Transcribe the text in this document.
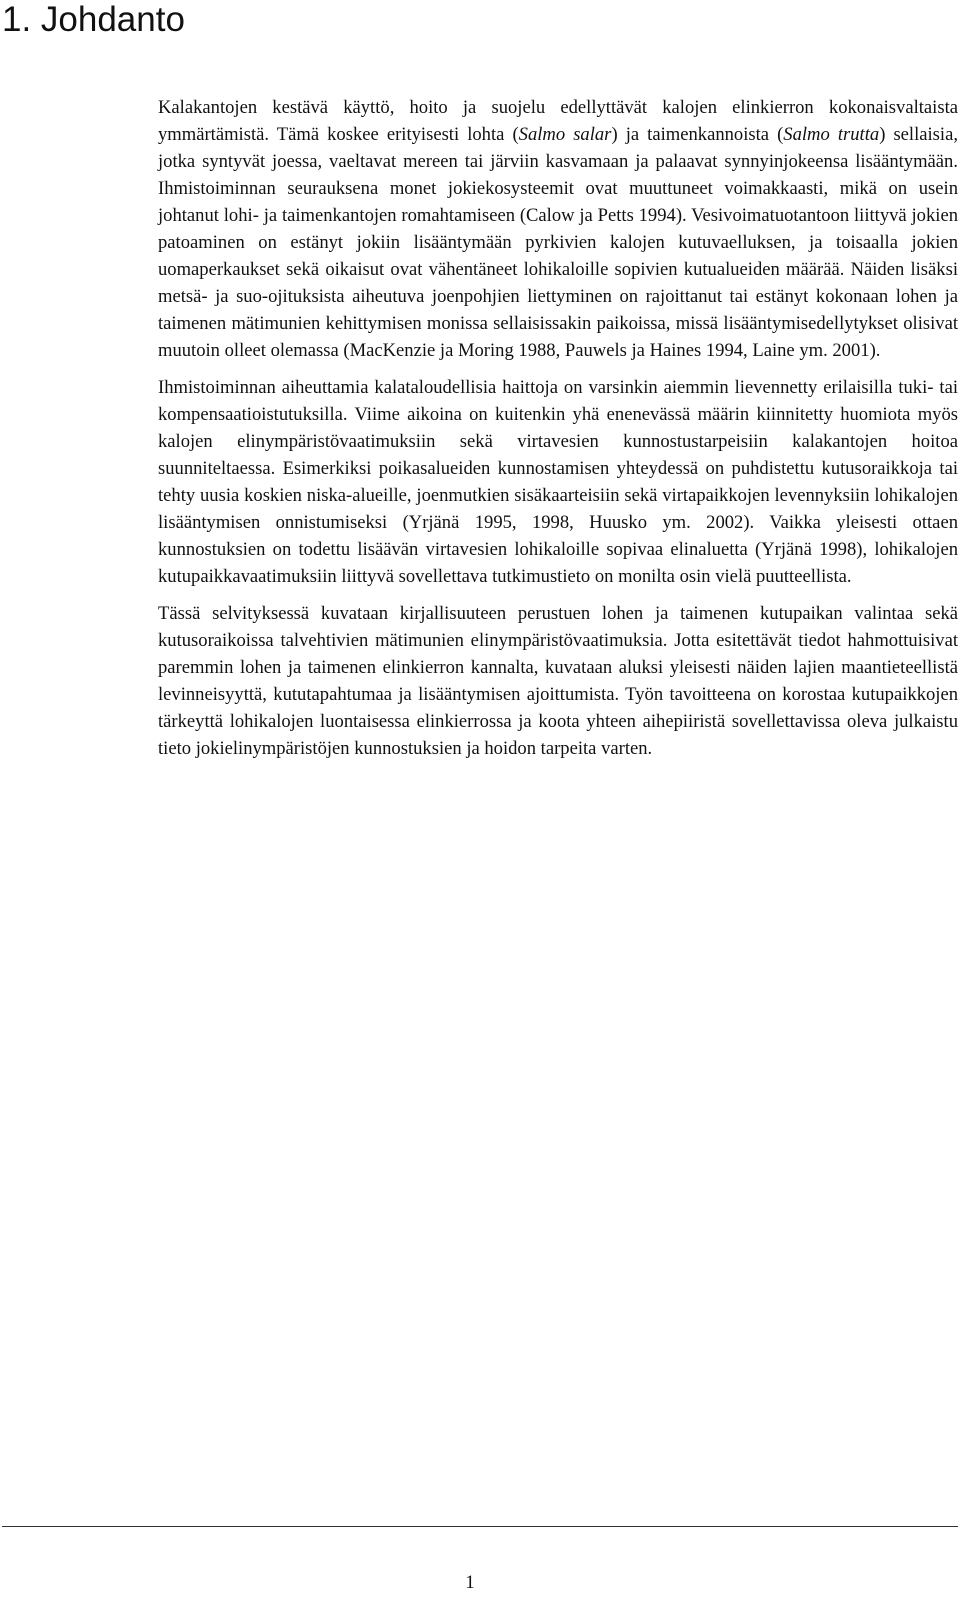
1. Johdanto

Kalakantojen kestävä käyttö, hoito ja suojelu edellyttävät kalojen elinkierron kokonaisvaltaista ymmärtämistä. Tämä koskee erityisesti lohta (Salmo salar) ja taimenkannoista (Salmo trutta) sellaisia, jotka syntyvät joessa, vaeltavat mereen tai järviin kasvamaan ja palaavat synnyinjokeensa lisääntymään. Ihmistoiminnan seurauksena monet jokiekosysteemit ovat muuttuneet voimakkaasti, mikä on usein johtanut lohi- ja taimenkantojen romahtamiseen (Calow ja Petts 1994). Vesivoimatuotantoon liittyvä jokien patoaminen on estänyt jokiin lisääntymään pyrkivien kalojen kutuvaelluksen, ja toisaalla jokien uomaperkaukset sekä oikaisut ovat vähentäneet lohikaloille sopivien kutualueiden määrää. Näiden lisäksi metsä- ja suo-ojituksista aiheutuva joenpohjien liettyminen on rajoittanut tai estänyt kokonaan lohen ja taimenen mätimunien kehittymisen monissa sellaisissakin paikoissa, missä lisääntymisedellytykset olisivat muutoin olleet olemassa (MacKenzie ja Moring 1988, Pauwels ja Haines 1994, Laine ym. 2001).

Ihmistoiminnan aiheuttamia kalataloudellisia haittoja on varsinkin aiemmin lievennetty erilaisilla tuki- tai kompensaatioistutuksilla. Viime aikoina on kuitenkin yhä enenevässä määrin kiinnitetty huomiota myös kalojen elinympäristövaatimuksiin sekä virtavesien kunnostustarpeisiin kalakantojen hoitoa suunniteltaessa. Esimerkiksi poikasalueiden kunnostamisen yhteydessä on puhdistettu kutusoraikkoja tai tehty uusia koskien niska-alueille, joenmutkien sisäkaarteisiin sekä virtapaikkojen levennyksiin lohikalojen lisääntymisen onnistumiseksi (Yrjänä 1995, 1998, Huusko ym. 2002). Vaikka yleisesti ottaen kunnostuksien on todettu lisäävän virtavesien lohikaloille sopivaa elinaluetta (Yrjänä 1998), lohikalojen kutupaikkavaatimuksiin liittyvä sovellettava tutkimustieto on monilta osin vielä puutteellista.

Tässä selvityksessä kuvataan kirjallisuuteen perustuen lohen ja taimenen kutupaikan valintaa sekä kutusoraikoissa talvehtivien mätimunien elinympäristövaatimuksia. Jotta esitettävät tiedot hahmottuisivat paremmin lohen ja taimenen elinkierron kannalta, kuvataan aluksi yleisesti näiden lajien maantieteellistä levinneisyyttä, kututapahtumaa ja lisääntymisen ajoittumista. Työn tavoitteena on korostaa kutupaikkojen tärkeyttä lohikalojen luontaisessa elinkierrossa ja koota yhteen aihepiiristä sovellettavissa oleva julkaistu tieto jokielinympäristöjen kunnostuksien ja hoidon tarpeita varten.

1
